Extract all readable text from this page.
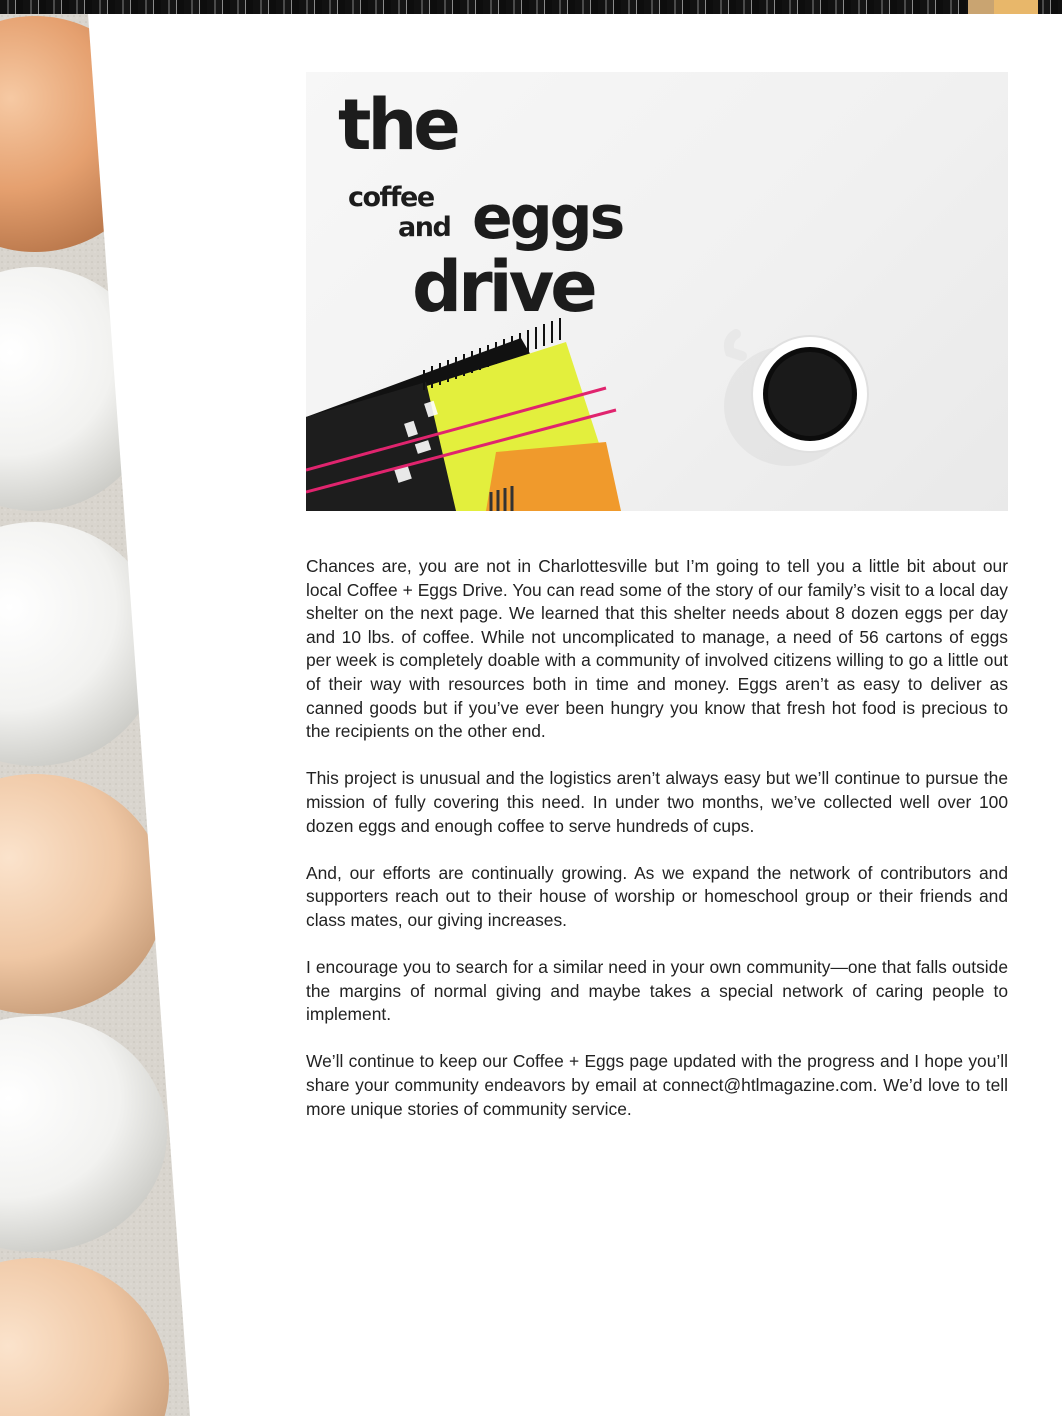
the
coffee
and eggs
drive

Chances are, you are not in Charlottesville but I’m going to tell you a little bit about our local Coffee + Eggs Drive. You can read some of the story of our family’s visit to a local day shelter on the next page. We learned that this shelter needs about 8 dozen eggs per day and 10 lbs. of coffee. While not uncomplicated to manage, a need of 56 cartons of eggs per week is completely doable with a community of involved citizens willing to go a little out of their way with resources both in time and money. Eggs aren’t as easy to deliver as canned goods but if you’ve ever been hungry you know that fresh hot food is precious to the recipients on the other end.

This project is unusual and the logistics aren’t always easy but we’ll continue to pursue the mission of fully covering this need. In under two months, we’ve collected well over 100 dozen eggs and enough coffee to serve hundreds of cups.

And, our efforts are continually growing. As we expand the network of contributors and supporters reach out to their house of worship or homeschool group or their friends and class mates, our giving increases.

I encourage you to search for a similar need in your own community—one that falls outside the margins of normal giving and maybe takes a special network of caring people to implement.

We’ll continue to keep our Coffee + Eggs page updated with the progress and I hope you’ll share your community endeavors by email at connect@htlmagazine.com. We’d love to tell more unique stories of community service.
